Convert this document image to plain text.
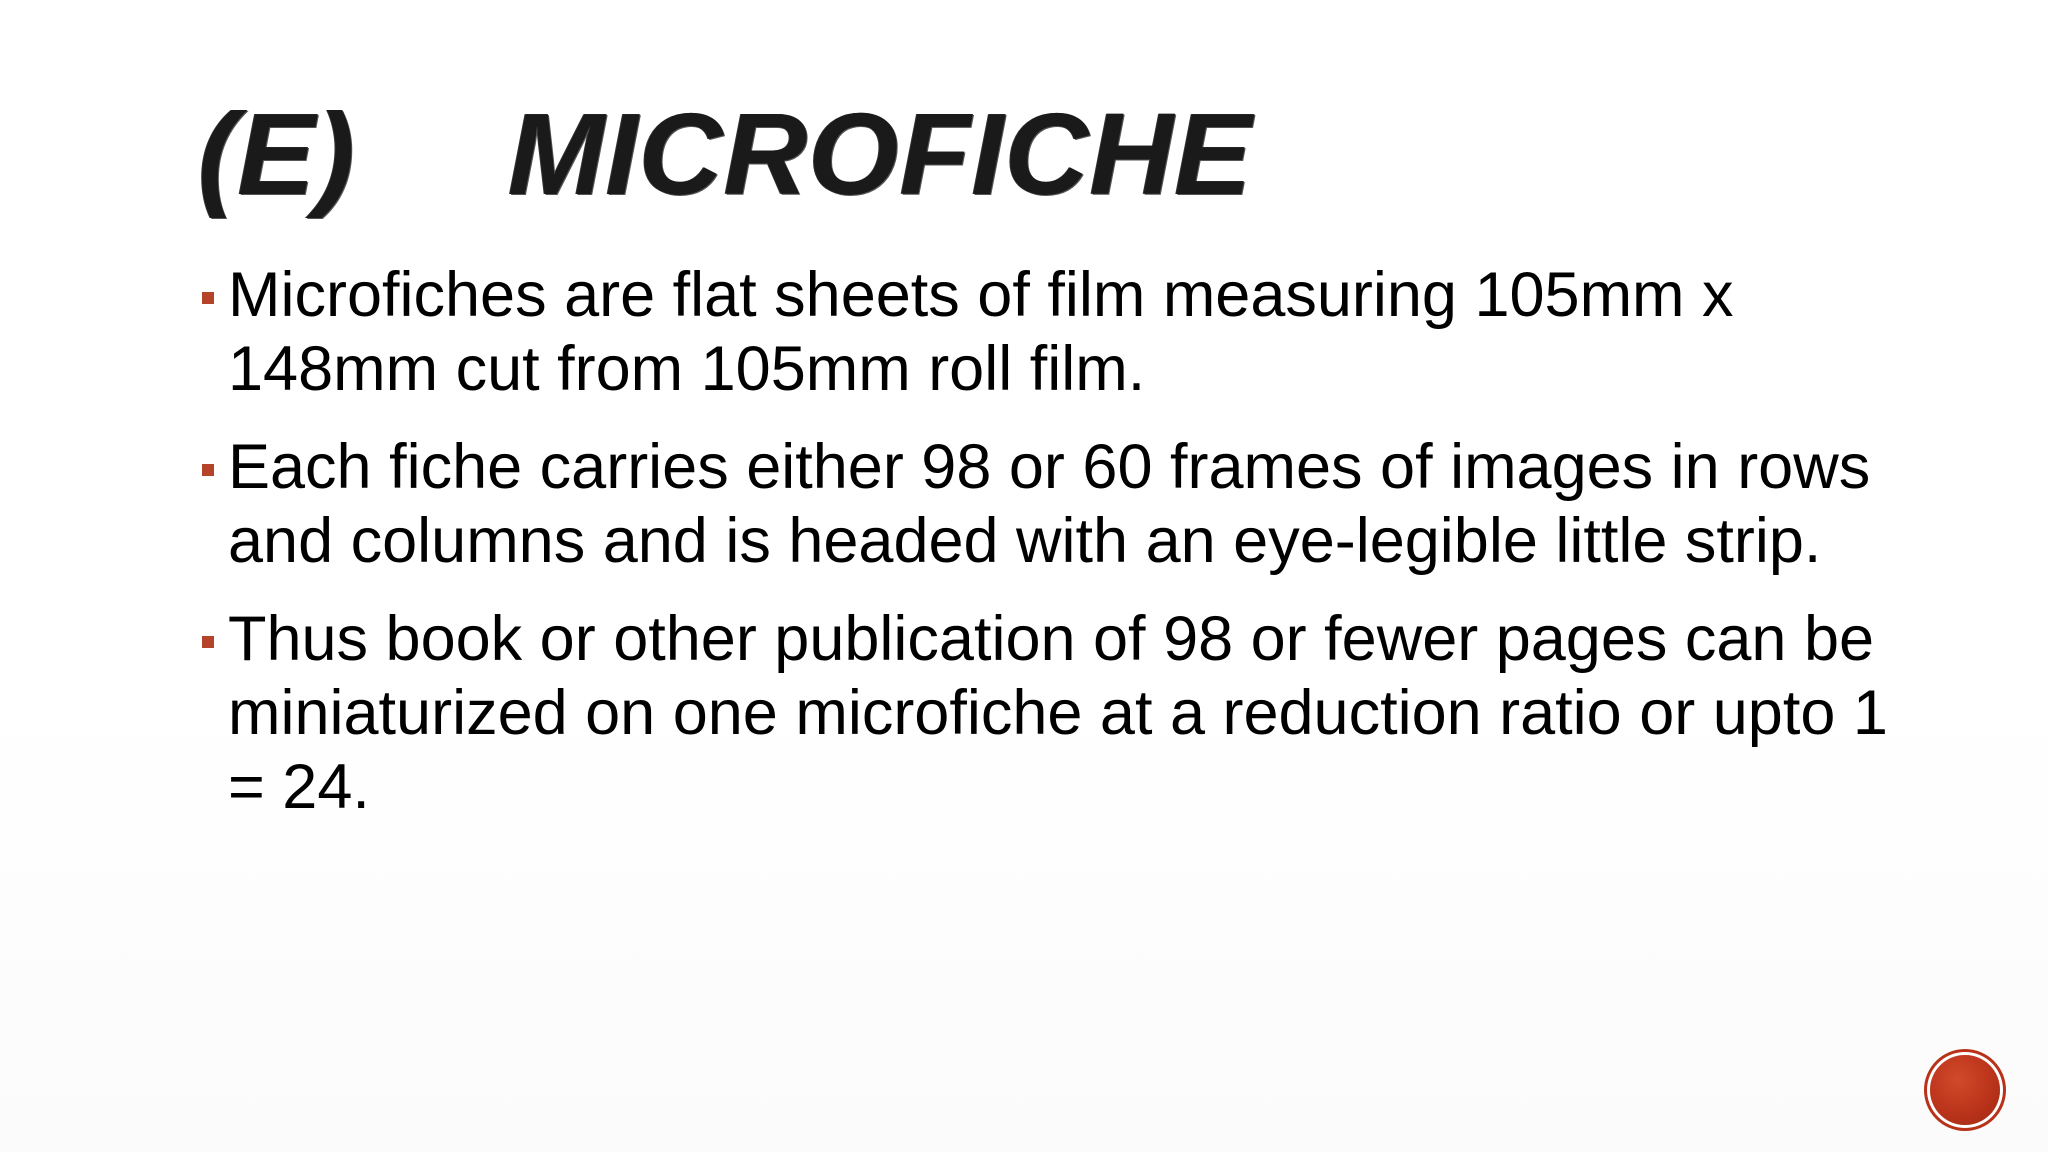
(E) MICROFICHE
Microfiches are flat sheets of film measuring 105mm x 148mm cut from 105mm roll film.
Each fiche carries either 98 or 60 frames of images in rows and columns and is headed with an eye-legible little strip.
Thus book or other publication of 98 or fewer pages can be miniaturized on one microfiche at a reduction ratio or upto 1 = 24.
